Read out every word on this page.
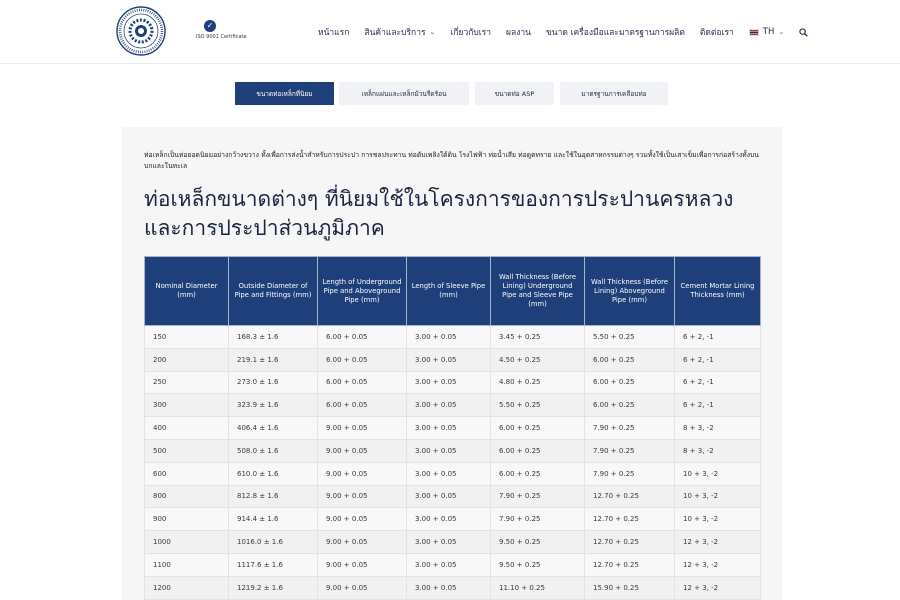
✓
ISO 9001 Certificate	หน้าแรก สินค้าและบริการ ⌄ เกี่ยวกับเรา ผลงาน ขนาด เครื่องมือและมาตรฐานการผลิต ติดต่อเรา	TH ⌄
ขนาดท่อเหล็กที่นิยม	เหล็กแผ่นและเหล็กม้วนรีดร้อน	ขนาดท่อ ASP	มาตรฐานการเคลือบท่อ

ท่อเหล็กเป็นท่อยอดนิยมอย่างกว้างขวาง ทั้งเพื่อการส่งน้ำสำหรับการประปา การชลประทาน ท่อดับเพลิงใต้ดิน โรงไฟฟ้า ท่อน้ำเสีย ท่อดูดทราย และใช้ในอุตสาหกรรมต่างๆ รวมทั้งใช้เป็นเสาเข็มเพื่อการก่อสร้างทั้งบนบกและในทะเล

ท่อเหล็กขนาดต่างๆ ที่นิยมใช้ในโครงการของการประปานครหลวงและการประปาส่วนภูมิภาค
Nominal Diameter (mm)	Outside Diameter of Pipe and Fittings (mm)	Length of Underground Pipe and Aboveground Pipe (mm)	Length of Sleeve Pipe (mm)	Wall Thickness (Before Lining) Underground Pipe and Sleeve Pipe (mm)	Wall Thickness (Before Lining) Aboveground Pipe (mm)	Cement Mortar Lining Thickness (mm)
150	168.3 ± 1.6	6.00 + 0.05	3.00 + 0.05	3.45 + 0.25	5.50 + 0.25	6 + 2, -1
200	219.1 ± 1.6	6.00 + 0.05	3.00 + 0.05	4.50 + 0.25	6.00 + 0.25	6 + 2, -1
250	273.0 ± 1.6	6.00 + 0.05	3.00 + 0.05	4.80 + 0.25	6.00 + 0.25	6 + 2, -1
300	323.9 ± 1.6	6.00 + 0.05	3.00 + 0.05	5.50 + 0.25	6.00 + 0.25	6 + 2, -1
400	406.4 ± 1.6	9.00 + 0.05	3.00 + 0.05	6.00 + 0.25	7.90 + 0.25	8 + 3, -2
500	508.0 ± 1.6	9.00 + 0.05	3.00 + 0.05	6.00 + 0.25	7.90 + 0.25	8 + 3, -2
600	610.0 ± 1.6	9.00 + 0.05	3.00 + 0.05	6.00 + 0.25	7.90 + 0.25	10 + 3, -2
800	812.8 ± 1.6	9.00 + 0.05	3.00 + 0.05	7.90 + 0.25	12.70 + 0.25	10 + 3, -2
900	914.4 ± 1.6	9.00 + 0.05	3.00 + 0.05	7.90 + 0.25	12.70 + 0.25	10 + 3, -2
1000	1016.0 ± 1.6	9.00 + 0.05	3.00 + 0.05	9.50 + 0.25	12.70 + 0.25	12 + 3, -2
1100	1117.6 ± 1.6	9.00 + 0.05	3.00 + 0.05	9.50 + 0.25	12.70 + 0.25	12 + 3, -2
1200	1219.2 ± 1.6	9.00 + 0.05	3.00 + 0.05	11.10 + 0.25	15.90 + 0.25	12 + 3, -2
